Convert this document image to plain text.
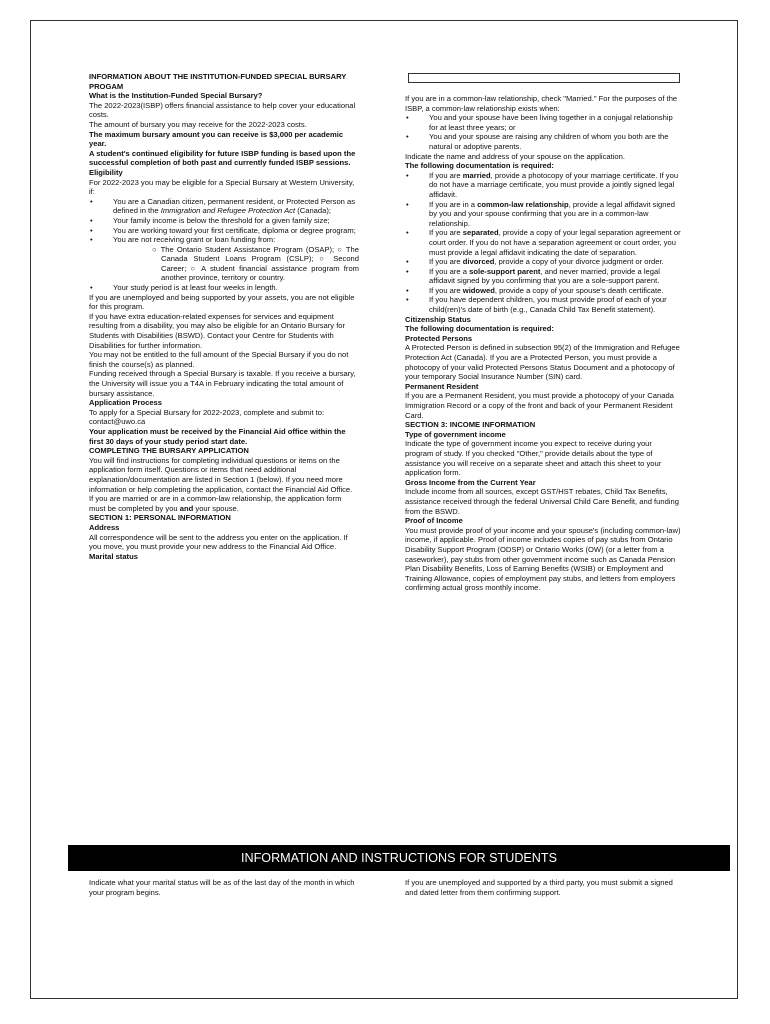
INFORMATION ABOUT THE INSTITUTION-FUNDED SPECIAL BURSARY PROGAM

What is the Institution-Funded Special Bursary?

The 2022-2023(ISBP) offers financial assistance to help cover your educational costs.

The amount of bursary you may receive for the 2022-2023 costs.

The maximum bursary amount you can receive is $3,000 per academic year.

A student's continued eligibility for future ISBP funding is based upon the successful completion of both past and currently funded ISBP sessions.

Eligibility

For 2022-2023 you may be eligible for a Special Bursary at Western University, if:

• You are a Canadian citizen, permanent resident, or Protected Person as defined in the Immigration and Refugee Protection Act (Canada);
• Your family income is below the threshold for a given family size;
• You are working toward your first certificate, diploma or degree program;
• You are not receiving grant or loan funding from:
○ The Ontario Student Assistance Program (OSAP); ○ The Canada Student Loans Program (CSLP); ○ Second Career; ○ A student financial assistance program from another province, territory or country.
• Your study period is at least four weeks in length.

If you are unemployed and being supported by your assets, you are not eligible for this program.

If you have extra education-related expenses for services and equipment resulting from a disability, you may also be eligible for an Ontario Bursary for Students with Disabilities (BSWD). Contact your Centre for Students with Disabilities for further information.

You may not be entitled to the full amount of the Special Bursary if you do not finish the course(s) as planned.

Funding received through a Special Bursary is taxable. If you receive a bursary, the University will issue you a T4A in February indicating the total amount of bursary assistance.

Application Process

To apply for a Special Bursary for 2022-2023, complete and submit to: contact@uwo.ca

Your application must be received by the Financial Aid office within the first 30 days of your study period start date.

COMPLETING THE BURSARY APPLICATION

You will find instructions for completing individual questions or items on the application form itself. Questions or items that need additional explanation/documentation are listed in Section 1 (below). If you need more information or help completing the application, contact the Financial Aid Office.

If you are married or are in a common-law relationship, the application form must be completed by you and your spouse.

SECTION 1: PERSONAL INFORMATION

Address

All correspondence will be sent to the address you enter on the application. If you move, you must provide your new address to the Financial Aid Office.

Marital status

If you are in a common-law relationship, check "Married." For the purposes of the ISBP, a common-law relationship exists when:

• You and your spouse have been living together in a conjugal relationship for at least three years; or
• You and your spouse are raising any children of whom you both are the natural or adoptive parents.

Indicate the name and address of your spouse on the application.

The following documentation is required:

• If you are married, provide a photocopy of your marriage certificate. If you do not have a marriage certificate, you must provide a jointly signed legal affidavit.
• If you are in a common-law relationship, provide a legal affidavit signed by you and your spouse confirming that you are in a common-law relationship.
• If you are separated, provide a copy of your legal separation agreement or court order. If you do not have a separation agreement or court order, you must provide a legal affidavit indicating the date of separation.
• If you are divorced, provide a copy of your divorce judgment or order.
• If you are a sole-support parent, and never married, provide a legal affidavit signed by you confirming that you are a sole-support parent.
• If you are widowed, provide a copy of your spouse's death certificate.
• If you have dependent children, you must provide proof of each of your child(ren)'s date of birth (e.g., Canada Child Tax Benefit statement).

Citizenship Status

The following documentation is required:

Protected Persons

A Protected Person is defined in subsection 95(2) of the Immigration and Refugee Protection Act (Canada). If you are a Protected Person, you must provide a photocopy of your valid Protected Persons Status Document and a photocopy of your temporary Social Insurance Number (SIN) card.

Permanent Resident

If you are a Permanent Resident, you must provide a photocopy of your Canada Immigration Record or a copy of the front and back of your Permanent Resident Card.

SECTION 3: INCOME INFORMATION

Type of government income

Indicate the type of government income you expect to receive during your program of study. If you checked "Other," provide details about the type of assistance you will receive on a separate sheet and attach this sheet to your application form.

Gross Income from the Current Year

Include income from all sources, except GST/HST rebates, Child Tax Benefits, assistance received through the federal Universal Child Care Benefit, and funding from the BSWD.

Proof of Income

You must provide proof of your income and your spouse's (including common-law) income, if applicable. Proof of income includes copies of pay stubs from Ontario Disability Support Program (ODSP) or Ontario Works (OW) (or a letter from a caseworker), pay stubs from other government income such as Canada Pension Plan Disability Benefits, Loss of Earning Benefits (WSIB) or Employment and Training Allowance, copies of employment pay stubs, and letters from employers confirming actual gross monthly income.

INFORMATION AND INSTRUCTIONS FOR STUDENTS
Indicate what your marital status will be as of the last day of the month in which your program begins.
If you are unemployed and supported by a third party, you must submit a signed and dated letter from them confirming support.
